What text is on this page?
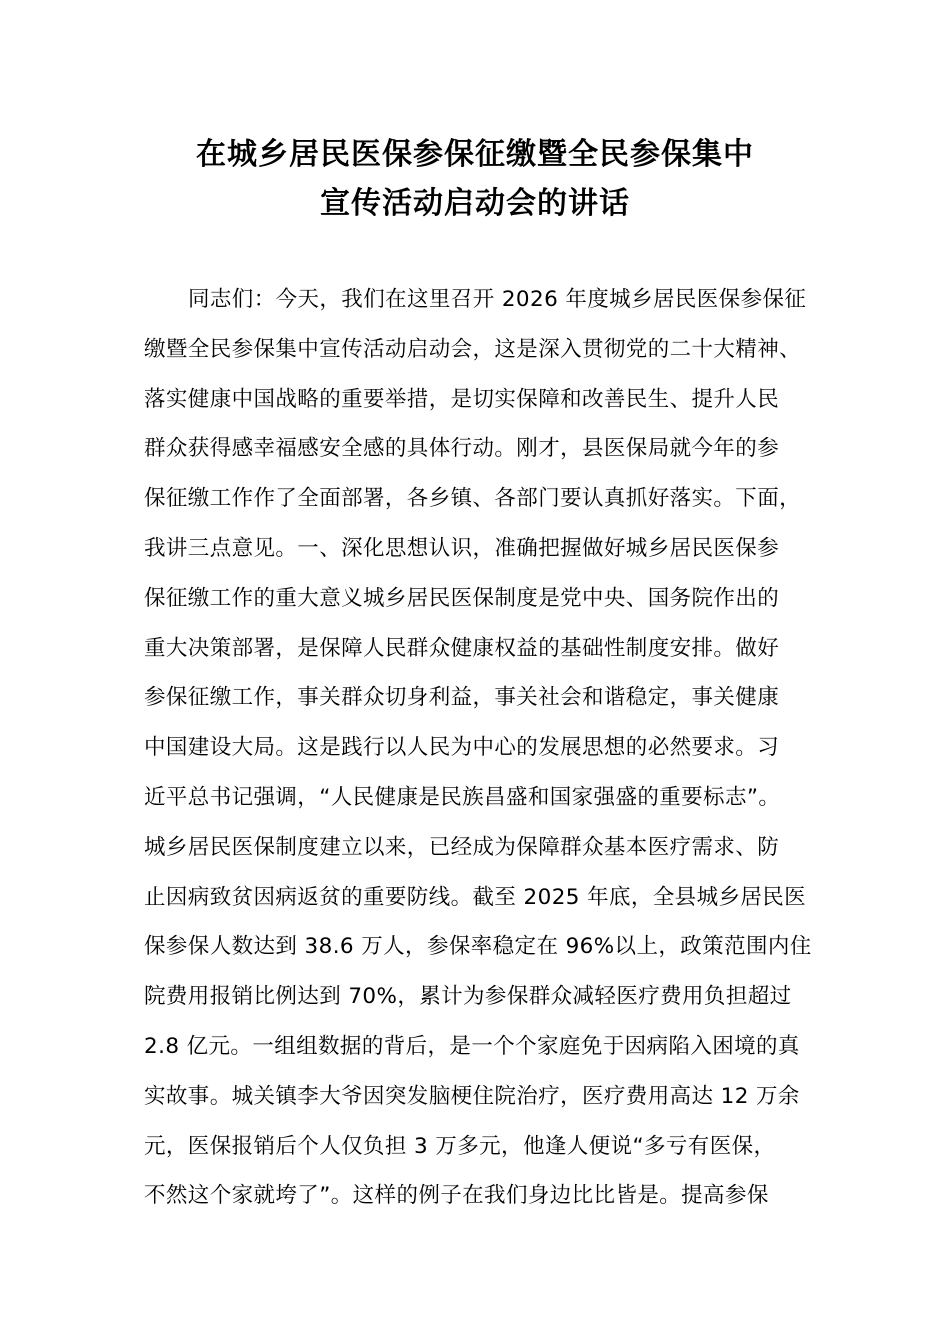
在城乡居民医保参保征缴暨全民参保集中
宣传活动启动会的讲话
同志们：今天，我们在这里召开 2026 年度城乡居民医保参保征
缴暨全民参保集中宣传活动启动会，这是深入贯彻党的二十大精神、
落实健康中国战略的重要举措，是切实保障和改善民生、提升人民
群众获得感幸福感安全感的具体行动。刚才，县医保局就今年的参
保征缴工作作了全面部署，各乡镇、各部门要认真抓好落实。下面，
我讲三点意见。一、深化思想认识，准确把握做好城乡居民医保参
保征缴工作的重大意义城乡居民医保制度是党中央、国务院作出的
重大决策部署，是保障人民群众健康权益的基础性制度安排。做好
参保征缴工作，事关群众切身利益，事关社会和谐稳定，事关健康
中国建设大局。这是践行以人民为中心的发展思想的必然要求。习
近平总书记强调，“人民健康是民族昌盛和国家强盛的重要标志”。
城乡居民医保制度建立以来，已经成为保障群众基本医疗需求、防
止因病致贫因病返贫的重要防线。截至 2025 年底，全县城乡居民医
保参保人数达到 38.6 万人，参保率稳定在 96%以上，政策范围内住
院费用报销比例达到 70%，累计为参保群众减轻医疗费用负担超过
2.8 亿元。一组组数据的背后，是一个个家庭免于因病陷入困境的真
实故事。城关镇李大爷因突发脑梗住院治疗，医疗费用高达 12 万余
元，医保报销后个人仅负担 3 万多元，他逢人便说“多亏有医保，
不然这个家就垮了”。这样的例子在我们身边比比皆是。提高参保
